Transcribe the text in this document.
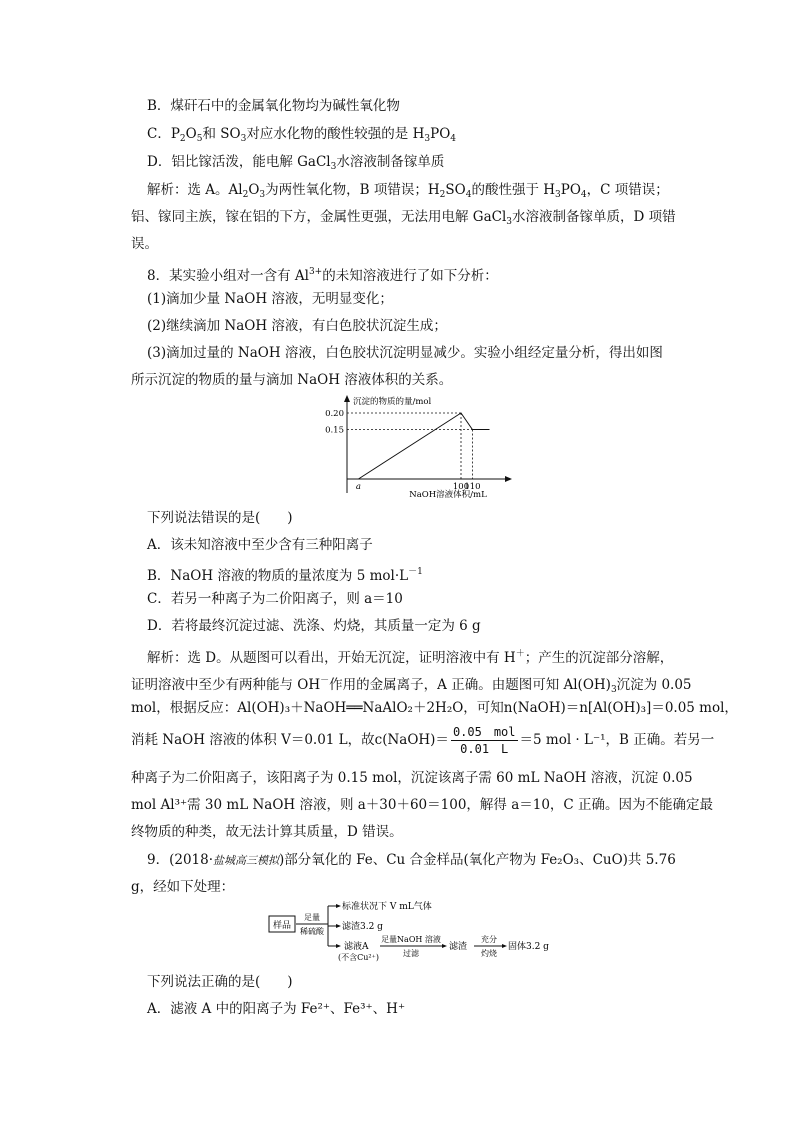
B．煤矸石中的金属氧化物均为碱性氧化物
C．$P_2O_5$和 $SO_3$对应水化物的酸性较强的是 $H_3PO_4$
D．铝比镓活泼，能电解 GaCl$_3$水溶液制备镓单质
解析：选 A。$Al_2O_3$为两性氧化物，B 项错误；$H_2SO_4$的酸性强于 $H_3PO_4$，C 项错误；
铝、镓同主族，镓在铝的下方，金属性更强，无法用电解 GaCl$_3$水溶液制备镓单质，D 项错
误。
8．某实验小组对一含有 $Al^{3+}$的未知溶液进行了如下分析：
(1)滴加少量 NaOH 溶液，无明显变化；
(2)继续滴加 NaOH 溶液，有白色胶状沉淀生成；
(3)滴加过量的 NaOH 溶液，白色胶状沉淀明显减少。实验小组经定量分析，得出如图
所示沉淀的物质的量与滴加 NaOH 溶液体积的关系。
沉淀的物质的量/mol
NaOH溶液体积/mL
0.20
0.15
a	100
110
下列说法错误的是(　　)
A．该未知溶液中至少含有三种阳离子
B．NaOH 溶液的物质的量浓度为 5 $mol\cdot L^{-1}$
C．若另一种离子为二价阳离子，则 a＝10
D．若将最终沉淀过滤、洗涤、灼烧，其质量一定为 6 g
解析：选 D。从题图可以看出，开始无沉淀，证明溶液中有 H＋；产生的沉淀部分溶解，
证明溶液中至少有两种能与 OH－作用的金属离子，A 正确。由题图可知 $Al(OH)_3$沉淀为 0.05
mol，根据反应：Al(OH)₃＋NaOH══NaAlO₂＋2H₂O，可知n(NaOH)＝n[Al(OH)₃]＝0.05 mol，
消耗 NaOH 溶液的体积 V＝0.01 L，故c(NaOH)＝ $\frac{\text{0.05　mol}}{0.01 L} =5$ mol · L⁻¹，B 正确。若另一
种离子为二价阳离子，该阳离子为 0.15 mol，沉淀该离子需 60 mL NaOH 溶液，沉淀 0.05
mol Al³⁺需 30 mL NaOH 溶液，则 a＋30＋60＝100，解得 a＝10，C 正确。因为不能确定最
终物质的种类，故无法计算其质量，D 错误。
9．(2018·盐城高三模拟)部分氧化的 Fe、Cu 合金样品(氧化产物为 Fe₂O₃、CuO)共 5.76
g，经如下处理：
样品
足量
稀硫酸
标准状况下 V mL气体
滤渣3.2 g
滤液A
(不含Cu²⁺)
足量NaOH 溶液
过滤
滤渣
充分
灼烧
固体3.2 g
下列说法正确的是(　　)
A．滤液 A 中的阳离子为 Fe²⁺、Fe³⁺、H⁺
